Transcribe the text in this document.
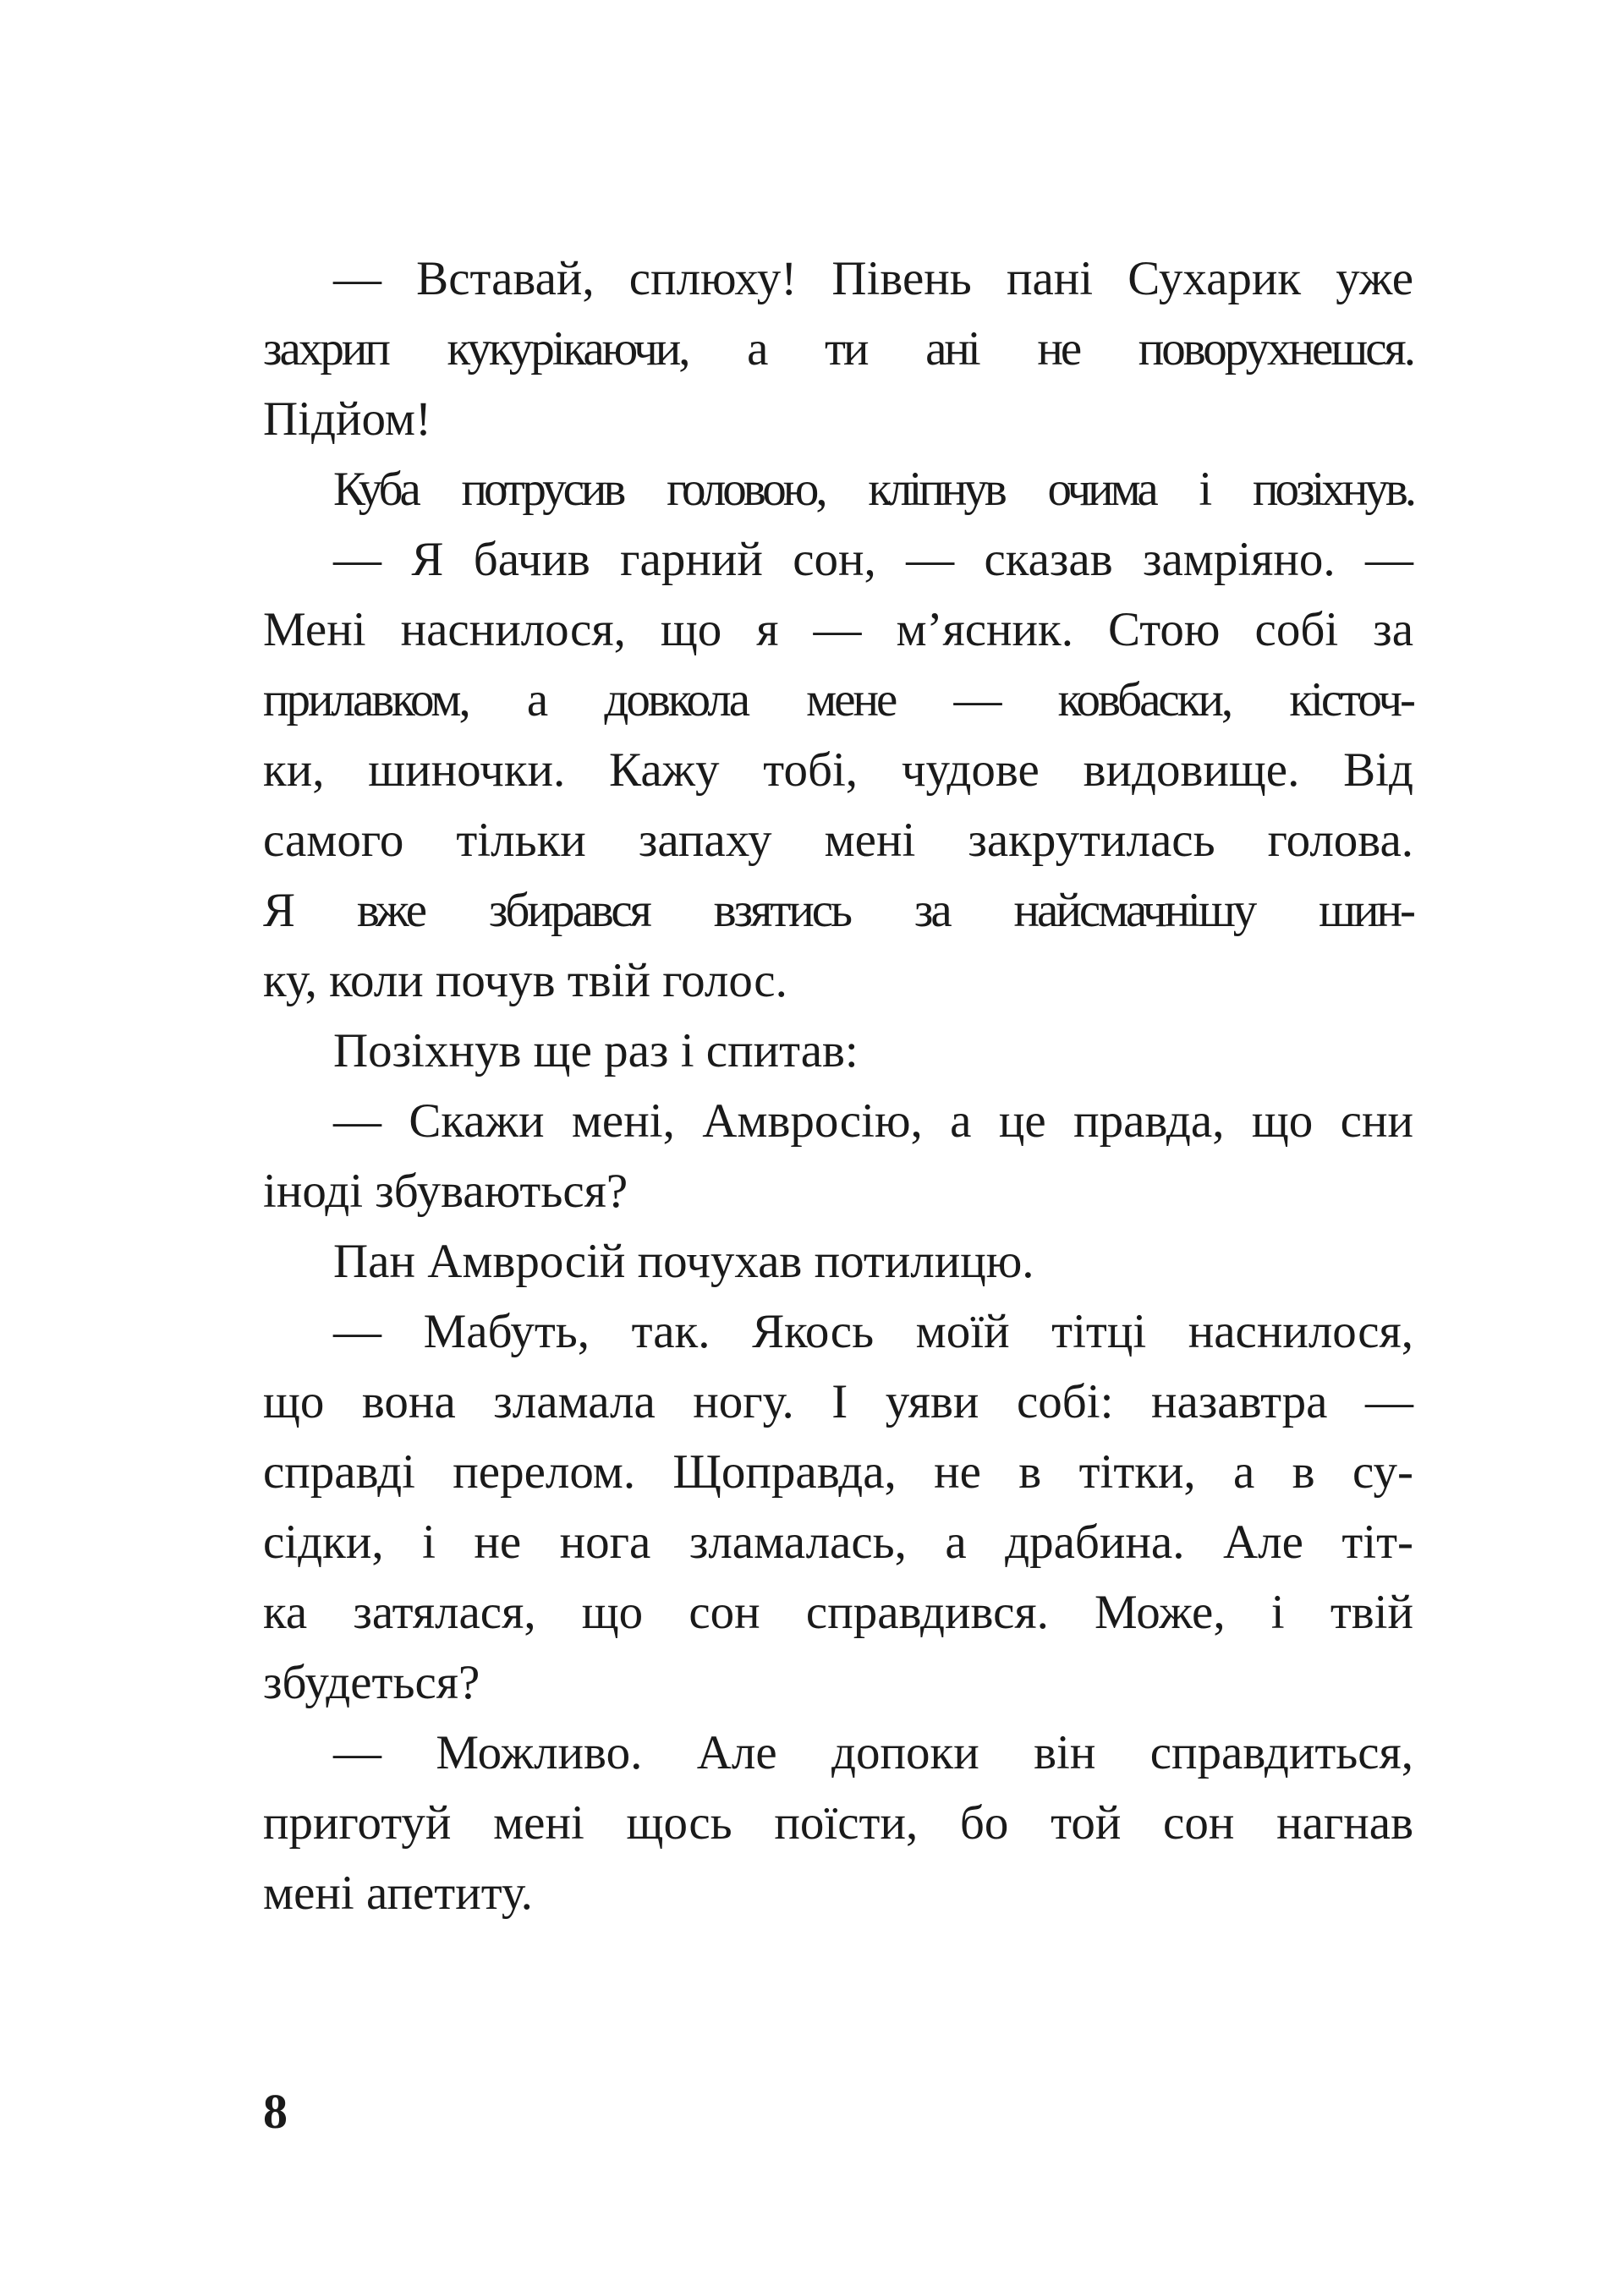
— Вставай, сплюху! Півень пані Сухарик уже
захрип кукурікаючи, а ти ані не поворухнешся.
Підйом!
Куба потрусив головою, кліпнув очима і позіхнув.
— Я бачив гарний сон, — сказав замріяно. —
Мені наснилося, що я — м’ясник. Стою собі за
прилавком, а довкола мене — ковбаски, кісточ-
ки, шиночки. Кажу тобі, чудове видовище. Від
самого тільки запаху мені закрутилась голова.
Я вже збирався взятись за найсмачнішу шин-
ку, коли почув твій голос.
Позіхнув ще раз і спитав:
— Скажи мені, Амвросію, а це правда, що сни
іноді збуваються?
Пан Амвросій почухав потилицю.
— Мабуть, так. Якось моїй тітці наснилося,
що вона зламала ногу. І уяви собі: назавтра —
справді перелом. Щоправда, не в тітки, а в су-
сідки, і не нога зламалась, а драбина. Але тіт-
ка затялася, що сон справдився. Може, і твій
збудеться?
— Можливо. Але допоки він справдиться,
приготуй мені щось поїсти, бо той сон нагнав
мені апетиту.
8
